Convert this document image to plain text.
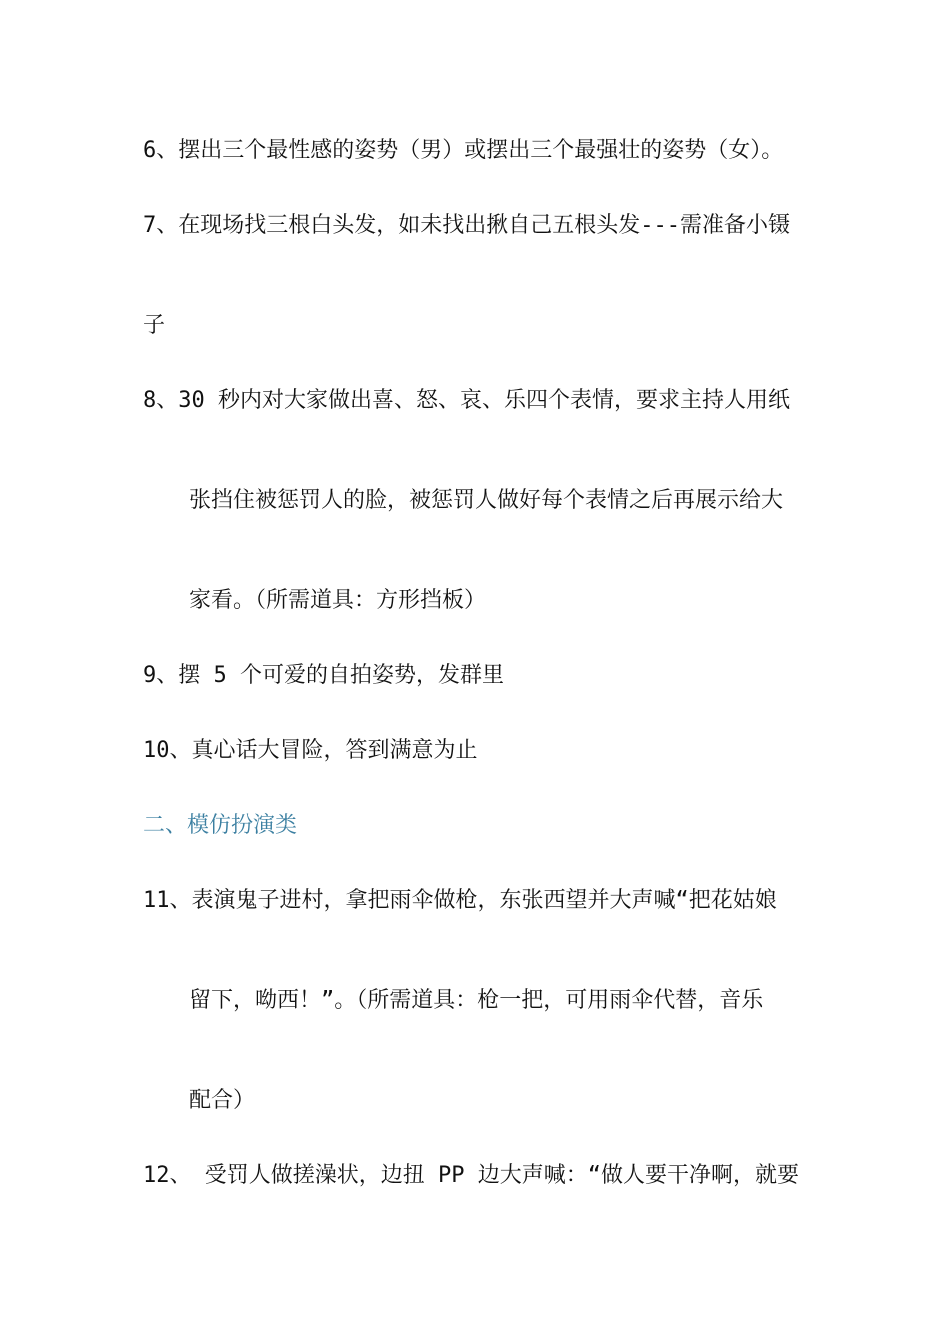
6、摆出三个最性感的姿势（男）或摆出三个最强壮的姿势（女）。
7、在现场找三根白头发，如未找出揪自己五根头发---需准备小镊
子
8、30 秒内对大家做出喜、怒、哀、乐四个表情，要求主持人用纸
张挡住被惩罚人的脸，被惩罚人做好每个表情之后再展示给大
家看。（所需道具：方形挡板）
9、摆 5 个可爱的自拍姿势，发群里
10、真心话大冒险，答到满意为止
二、模仿扮演类
11、表演鬼子进村，拿把雨伞做枪，东张西望并大声喊“把花姑娘
留下，呦西！”。（所需道具：枪一把，可用雨伞代替，音乐
配合）
12、 受罚人做搓澡状，边扭 PP 边大声喊：“做人要干净啊，就要
